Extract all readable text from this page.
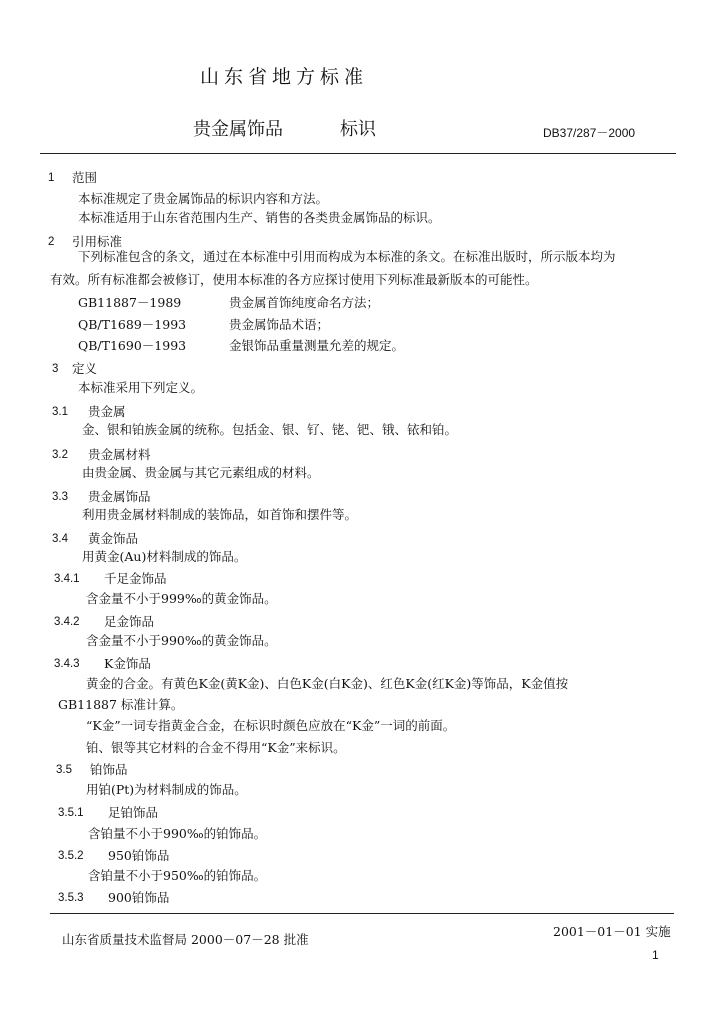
山东省地方标准
贵金属饰品	标识	DB37/287－2000
1 范围
本标准规定了贵金属饰品的标识内容和方法。
本标准适用于山东省范围内生产、销售的各类贵金属饰品的标识。
2 引用标准
下列标准包含的条文，通过在本标准中引用而构成为本标准的条文。在标准出版时，所示版本均为
有效。所有标准都会被修订，使用本标准的各方应探讨使用下列标准最新版本的可能性。
GB11887－1989	贵金属首饰纯度命名方法；
QB/T1689－1993	贵金属饰品术语；
QB/T1690－1993	金银饰品重量测量允差的规定。
3 定义
本标准采用下列定义。
3.1 贵金属
金、银和铂族金属的统称。包括金、银、钌、铑、钯、锇、铱和铂。
3.2 贵金属材料
由贵金属、贵金属与其它元素组成的材料。
3.3 贵金属饰品
利用贵金属材料制成的装饰品，如首饰和摆件等。
3.4 黄金饰品
用黄金(Au)材料制成的饰品。
3.4.1 千足金饰品
含金量不小于999‰的黄金饰品。
3.4.2 足金饰品
含金量不小于990‰的黄金饰品。
3.4.3 K金饰品
黄金的合金。有黄色K金(黄K金)、白色K金(白K金)、红色K金(红K金)等饰品，K金值按
GB11887 标准计算。
“K金”一词专指黄金合金，在标识时颜色应放在“K金”一词的前面。
铂、银等其它材料的合金不得用“K金”来标识。
3.5 铂饰品
用铂(Pt)为材料制成的饰品。
3.5.1 足铂饰品
含铂量不小于990‰的铂饰品。
3.5.2 950铂饰品
含铂量不小于950‰的铂饰品。
3.5.3 900铂饰品
山东省质量技术监督局 2000－07－28 批准
2001－01－01 实施
1
